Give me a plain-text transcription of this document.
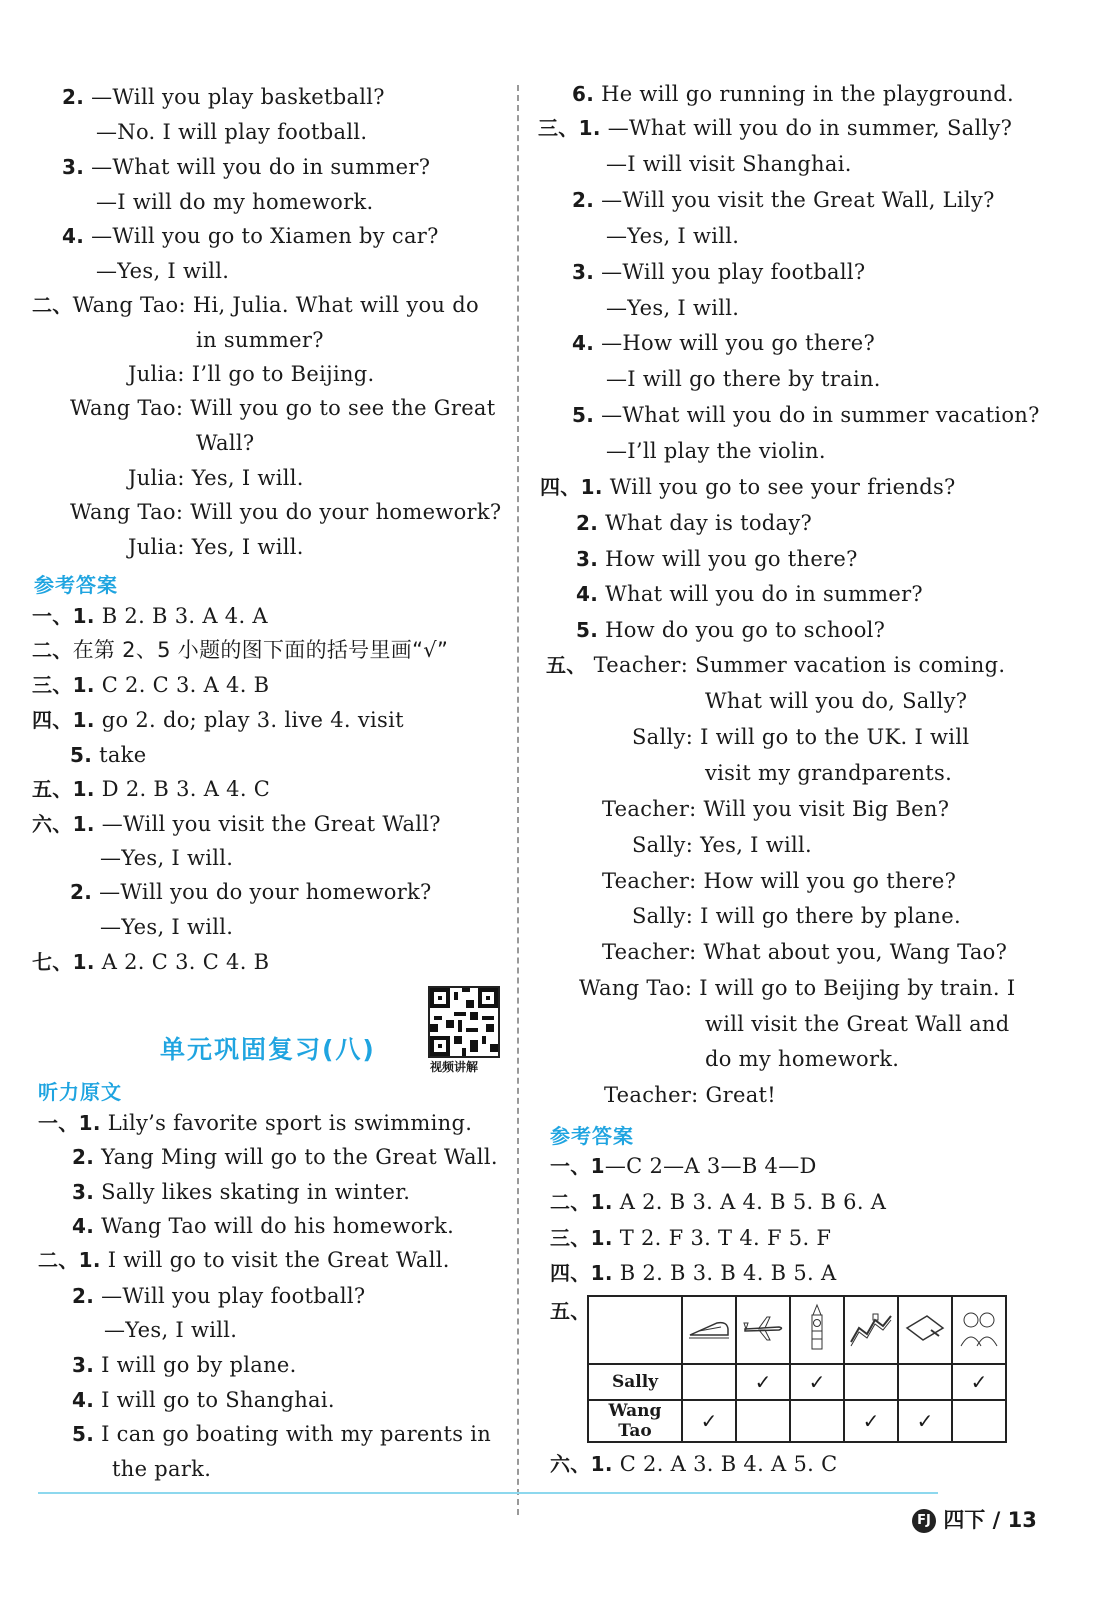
2. —Will you play basketball?
—No. I will play football.
3. —What will you do in summer?
—I will do my homework.
4. —Will you go to Xiamen by car?
—Yes, I will.
二、Wang Tao: Hi, Julia. What will you do
in summer?
Julia: I’ll go to Beijing.
Wang Tao: Will you go to see the Great
Wall?
Julia: Yes, I will.
Wang Tao: Will you do your homework?
Julia: Yes, I will.
参考答案
一、1. B 2. B 3. A 4. A
二、在第 2、5 小题的图下面的括号里画“√”
三、1. C 2. C 3. A 4. B
四、1. go 2. do; play 3. live 4. visit
5. take
五、1. D 2. B 3. A 4. C
六、1. —Will you visit the Great Wall?
—Yes, I will.
2. —Will you do your homework?
—Yes, I will.
七、1. A 2. C 3. C 4. B
单元巩固复习(八)
视频讲解
听力原文
一、1. Lily’s favorite sport is swimming.
2. Yang Ming will go to the Great Wall.
3. Sally likes skating in winter.
4. Wang Tao will do his homework.
二、1. I will go to visit the Great Wall.
2. —Will you play football?
—Yes, I will.
3. I will go by plane.
4. I will go to Shanghai.
5. I can go boating with my parents in
the park.
6. He will go running in the playground.
三、1. —What will you do in summer, Sally?
—I will visit Shanghai.
2. —Will you visit the Great Wall, Lily?
—Yes, I will.
3. —Will you play football?
—Yes, I will.
4. —How will you go there?
—I will go there by train.
5. —What will you do in summer vacation?
—I’ll play the violin.
四、1. Will you go to see your friends?
2. What day is today?
3. How will you go there?
4. What will you do in summer?
5. How do you go to school?
五、 Teacher: Summer vacation is coming.
What will you do, Sally?
Sally: I will go to the UK. I will
visit my grandparents.
Teacher: Will you visit Big Ben?
Sally: Yes, I will.
Teacher: How will you go there?
Sally: I will go there by plane.
Teacher: What about you, Wang Tao?
Wang Tao: I will go to Beijing by train. I
will visit the Great Wall and
do my homework.
Teacher: Great!
参考答案
一、1—C 2—A 3—B 4—D
二、1. A 2. B 3. A 4. B 5. B 6. A
三、1. T 2. F 3. T 4. F 5. F
四、1. B 2. B 3. B 4. B 5. A
五、

Sally		✓	✓			✓
Wang Tao	✓			✓	✓	
六、1. C 2. A 3. B 4. A 5. C
FJ 四下 / 13
